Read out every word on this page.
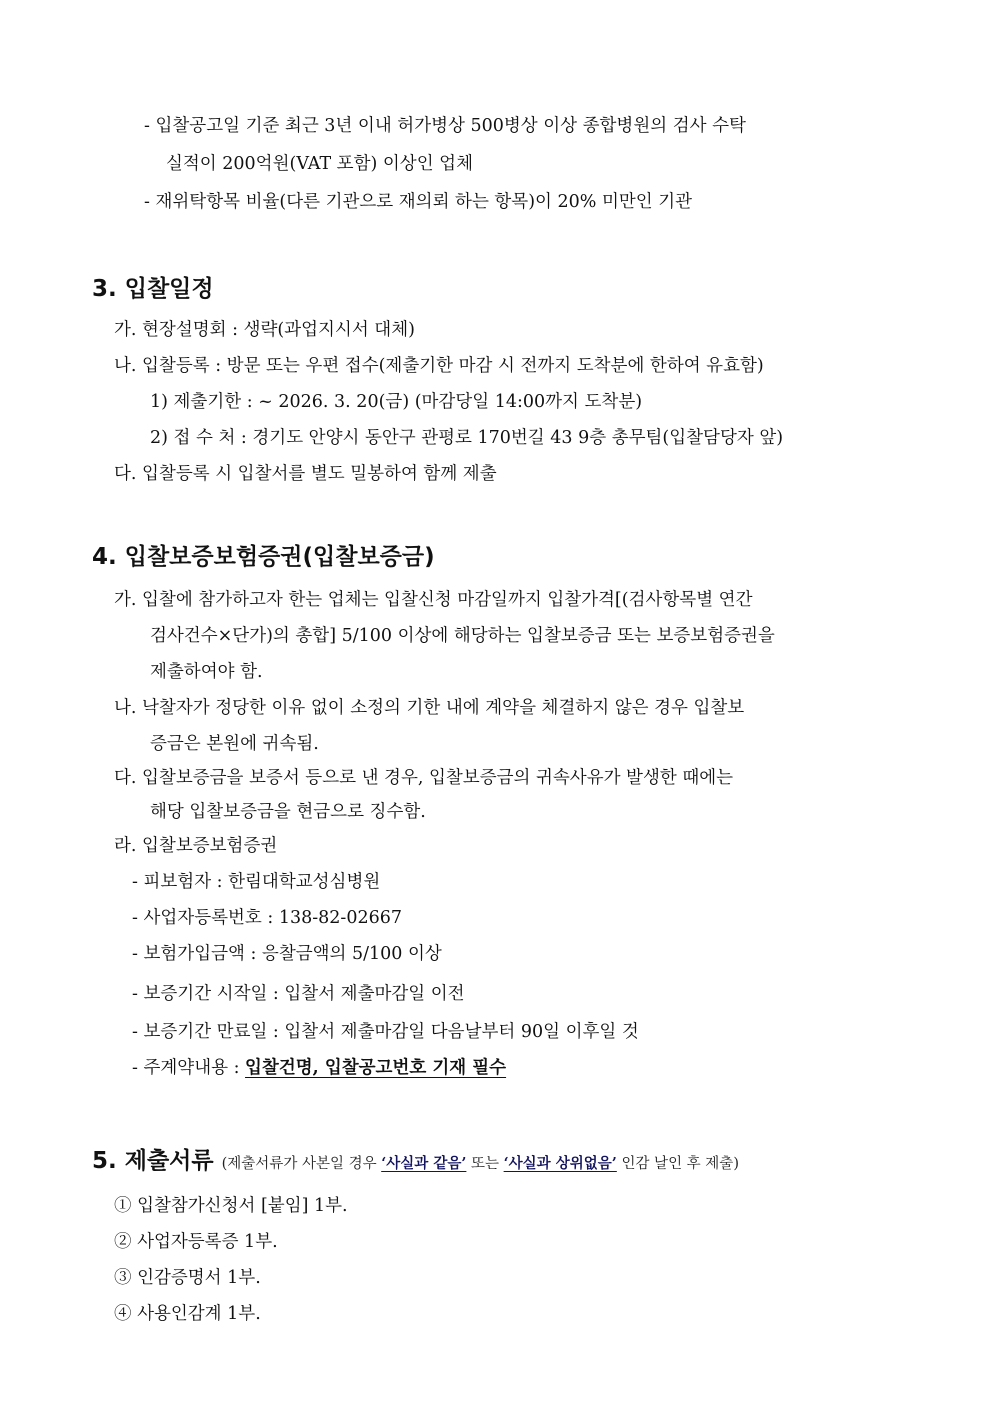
- 입찰공고일 기준 최근 3년 이내 허가병상 500병상 이상 종합병원의 검사 수탁
실적이 200억원(VAT 포함) 이상인 업체
- 재위탁항목 비율(다른 기관으로 재의뢰 하는 항목)이 20% 미만인 기관
3. 입찰일정
가. 현장설명회 : 생략(과업지시서 대체)
나. 입찰등록 : 방문 또는 우편 접수(제출기한 마감 시 전까지 도착분에 한하여 유효함)
1) 제출기한 : ~ 2026. 3. 20(금) (마감당일 14:00까지 도착분)
2) 접 수 처 : 경기도 안양시 동안구 관평로 170번길 43 9층 총무팀(입찰담당자 앞)
다. 입찰등록 시 입찰서를 별도 밀봉하여 함께 제출
4. 입찰보증보험증권(입찰보증금)
가. 입찰에 참가하고자 한는 업체는 입찰신청 마감일까지 입찰가격[(검사항목별 연간
검사건수×단가)의 총합] 5/100 이상에 해당하는 입찰보증금 또는 보증보험증권을
제출하여야 함.
나. 낙찰자가 정당한 이유 없이 소정의 기한 내에 계약을 체결하지 않은 경우 입찰보
증금은 본원에 귀속됨.
다. 입찰보증금을 보증서 등으로 낸 경우, 입찰보증금의 귀속사유가 발생한 때에는
해당 입찰보증금을 현금으로 징수함.
라. 입찰보증보험증권
- 피보험자 : 한림대학교성심병원
- 사업자등록번호 : 138-82-02667
- 보험가입금액 : 응찰금액의 5/100 이상
- 보증기간 시작일 : 입찰서 제출마감일 이전
- 보증기간 만료일 : 입찰서 제출마감일 다음날부터 90일 이후일 것
- 주계약내용 : 입찰건명, 입찰공고번호 기재 필수
5. 제출서류 (제출서류가 사본일 경우 ‘사실과 같음’ 또는 ‘사실과 상위없음’ 인감 날인 후 제출)
① 입찰참가신청서 [붙임] 1부.
② 사업자등록증 1부.
③ 인감증명서 1부.
④ 사용인감계 1부.
